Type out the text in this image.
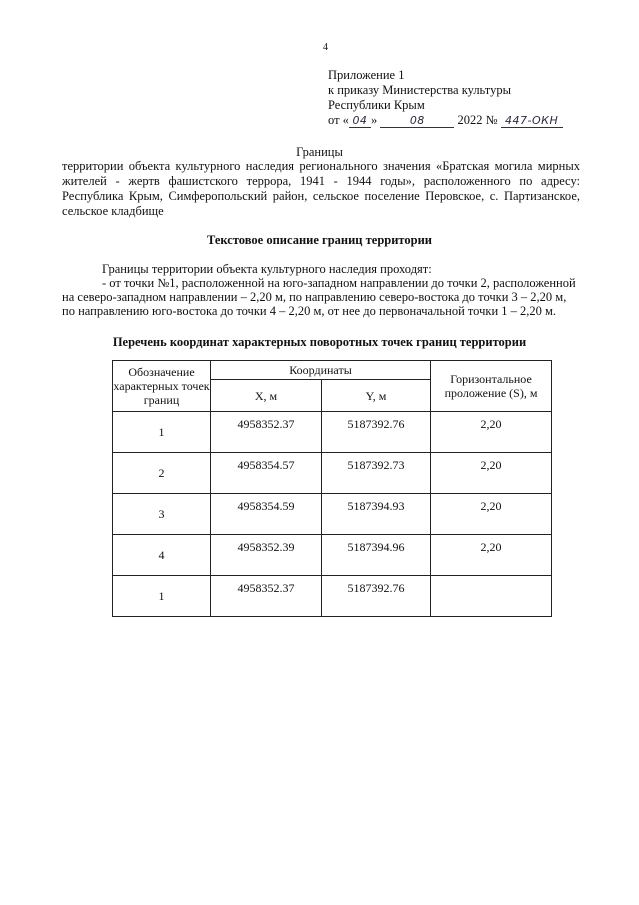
4
Приложение 1
к приказу Министерства культуры
Республики Крым
от « 04 »	08	2022 № 447-ОКН
Границы
территории объекта культурного наследия регионального значения «Братская могила мирных жителей - жертв фашистского террора, 1941 - 1944 годы», расположенного по адресу: Республика Крым, Симферопольский район, сельское поселение Перовское, с. Партизанское, сельское кладбище
Текстовое описание границ территории
Границы территории объекта культурного наследия проходят:
- от точки №1, расположенной на юго-западном направлении до точки 2, расположенной на северо-западном направлении – 2,20 м, по направлению северо-востока до точки 3 – 2,20 м, по направлению юго-востока до точки 4 – 2,20 м, от нее до первоначальной точки 1 – 2,20 м.
Перечень координат характерных поворотных точек границ территории
Обозначение характерных точек границ	Координаты		Горизонтальное проложение (S), м
	X, м	Y, м	
1	4958352.37	5187392.76	2,20
2	4958354.57	5187392.73	2,20
3	4958354.59	5187394.93	2,20
4	4958352.39	5187394.96	2,20
1	4958352.37	5187392.76	
